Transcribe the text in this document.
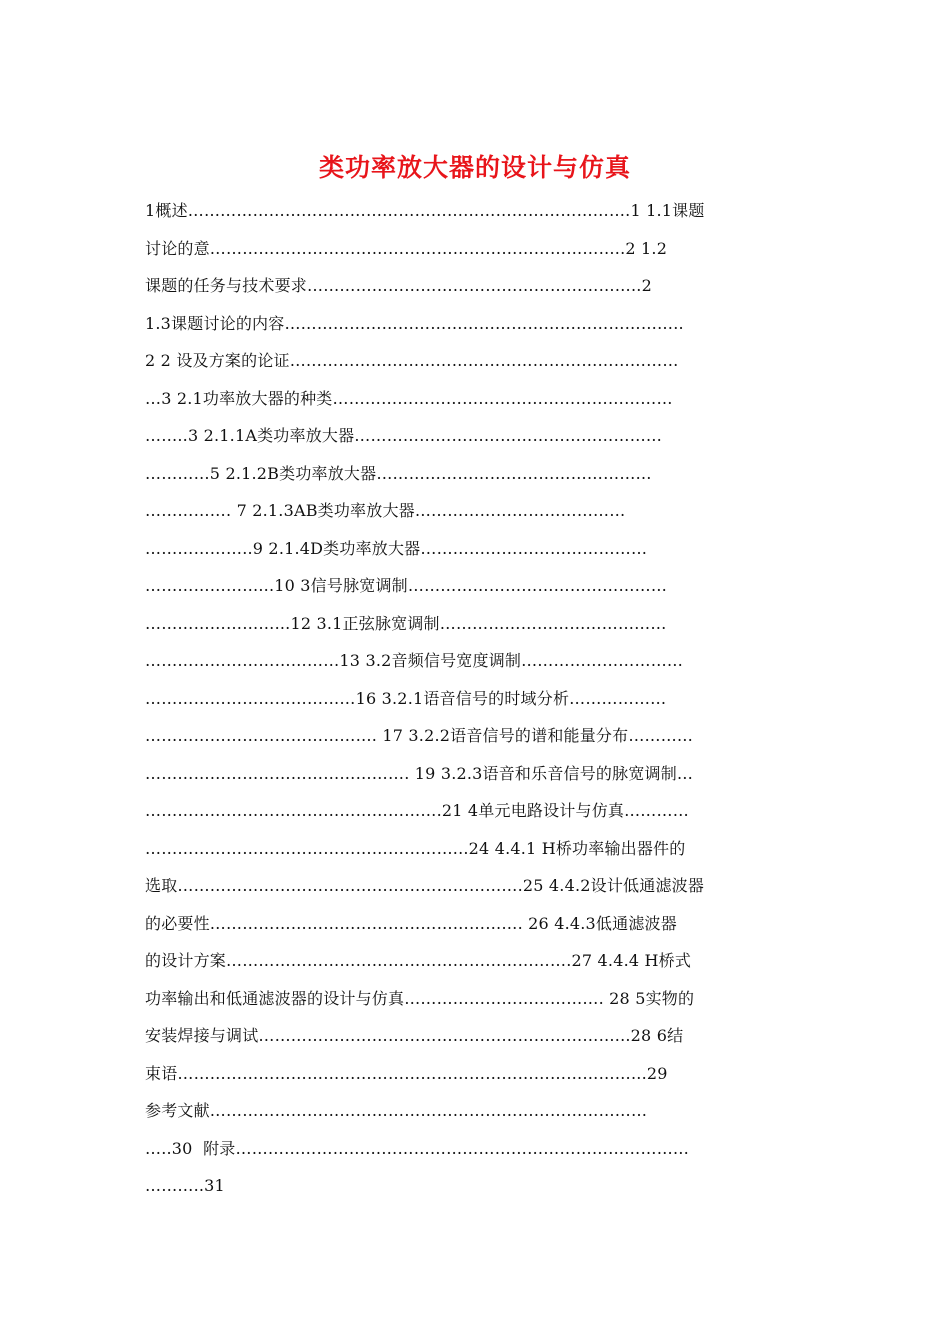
类功率放大器的设计与仿真
1概述……………………………………………………………………….1 1.1课题
讨论的意…………………………………………………………………..2 1.2
课题的任务与技术要求……………………………………………………..2
1.3课题讨论的内容………………………………………………………………..
2 2 设及方案的论证………………………………………………………………
…3 2.1功率放大器的种类………………………………………………………
……..3 2.1.1A类功率放大器…………………………………………………
…………5 2.1.2B类功率放大器……………………………………………
……………. 7 2.1.3AB类功率放大器…………………………………
………………..9 2.1.4D类功率放大器……………………………………
…………………...10 3信号脉宽调制…………………………………………
……………………...12 3.1正弦脉宽调制……………………………………
………………………………13 3.2音频信号宽度调制…………………………
…………………………………16 3.2.1语音信号的时域分析………………
……………………………………. 17 3.2.2语音信号的谱和能量分布…………
…………………………………………. 19 3.2.3语音和乐音信号的脉宽调制…
……………………………………………….21 4单元电路设计与仿真…………
…………………………………………………...24 4.4.1 H桥功率输出器件的
选取……………………………………………………….25 4.4.2设计低通滤波器
的必要性…………………………………………………. 26 4.4.3低通滤波器
的设计方案……………………………………………………….27 4.4.4 H桥式
功率输出和低通滤波器的设计与仿真………………………………. 28 5实物的
安装焊接与调试…………………………………………………………...28 6结
束语…………………………………………………………………………...29
参考文献………………………………………………………………………
…..30  附录…………………………………………………………………………
………..31
